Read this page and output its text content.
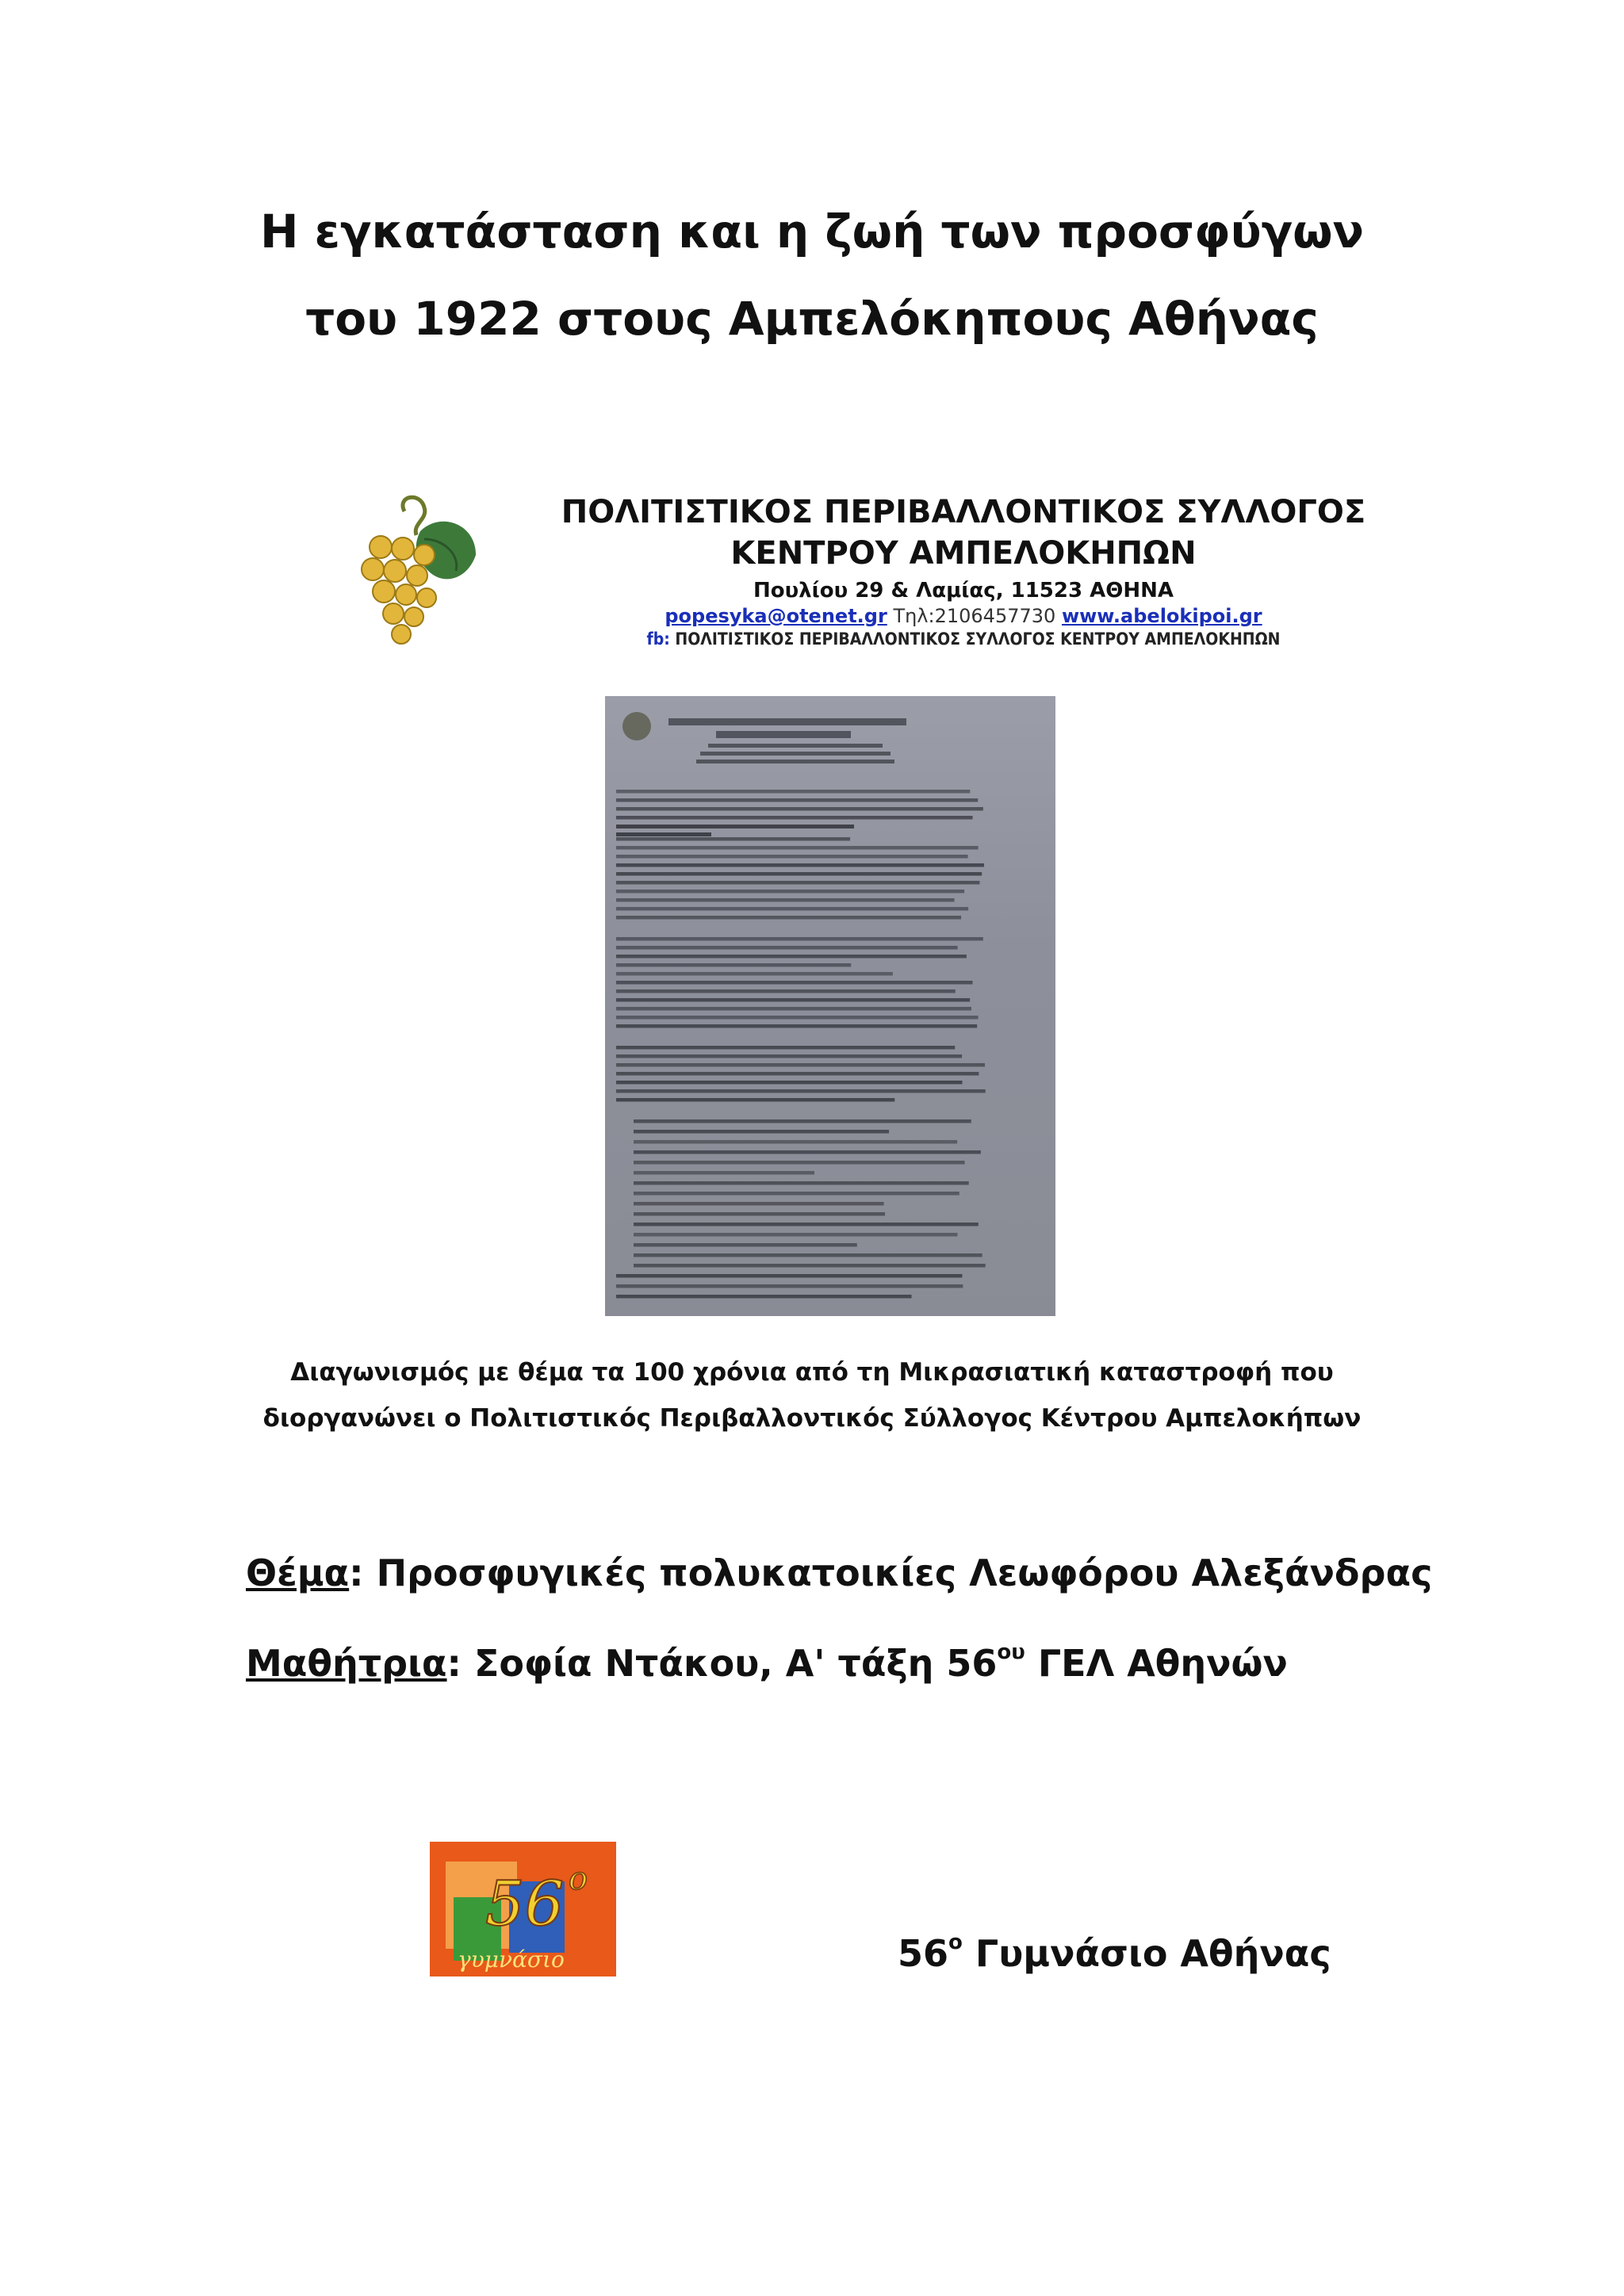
Η εγκατάσταση και η ζωή των προσφύγων
του 1922 στους Αμπελόκηπους Αθήνας
ΠΟΛΙΤΙΣΤΙΚΟΣ ΠΕΡΙΒΑΛΛΟΝΤΙΚΟΣ ΣΥΛΛΟΓΟΣ
ΚΕΝΤΡΟΥ ΑΜΠΕΛΟΚΗΠΩΝ
Πουλίου 29 & Λαμίας, 11523 ΑΘΗΝΑ
popesyka@otenet.gr Τηλ:2106457730 www.abelokipoi.gr
fb: ΠΟΛΙΤΙΣΤΙΚΟΣ ΠΕΡΙΒΑΛΛΟΝΤΙΚΟΣ ΣΥΛΛΟΓΟΣ ΚΕΝΤΡΟΥ ΑΜΠΕΛΟΚΗΠΩΝ
Διαγωνισμός με θέμα τα 100 χρόνια από τη Μικρασιατική καταστροφή που
διοργανώνει ο Πολιτιστικός Περιβαλλοντικός Σύλλογος Κέντρου Αμπελοκήπων
Θέμα: Προσφυγικές πολυκατοικίες Λεωφόρου Αλεξάνδρας
Μαθήτρια: Σοφία Ντάκου, Α' τάξη $56^{o\upsilon}$ ΓΕΛ Αθηνών
56 ο
γυμνάσιο	$56^o$ Γυμνάσιο Αθήνας
